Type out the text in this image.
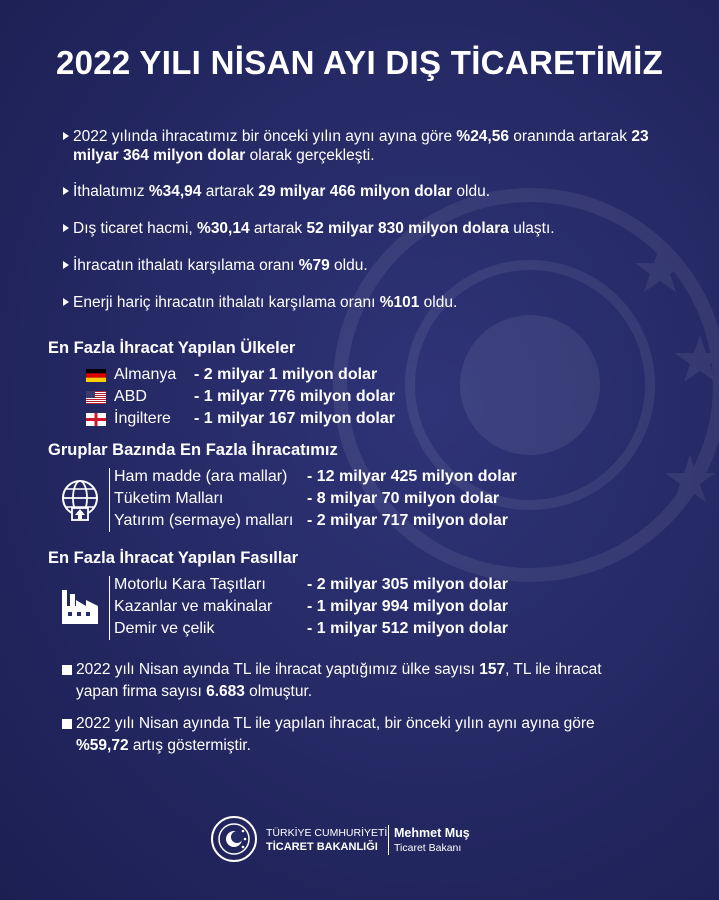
2022 YILI NİSAN AYI DIŞ TİCARETİMİZ
2022 yılında ihracatımız bir önceki yılın aynı ayına göre %24,56 oranında artarak 23 milyar 364 milyon dolar olarak gerçekleşti.
İthalatımız %34,94 artarak 29 milyar 466 milyon dolar oldu.
Dış ticaret hacmi, %30,14 artarak 52 milyar 830 milyon dolara ulaştı.
İhracatın ithalatı karşılama oranı %79 oldu.
Enerji hariç ihracatın ithalatı karşılama oranı %101 oldu.
En Fazla İhracat Yapılan Ülkeler
Almanya - 2 milyar 1 milyon dolar
ABD	- 1 milyar 776 milyon dolar
İngiltere - 1 milyar 167 milyon dolar
Gruplar Bazında En Fazla İhracatımız
Ham madde (ara mallar) - 12 milyar 425 milyon dolar
Tüketim Malları	- 8 milyar 70 milyon dolar
Yatırım (sermaye) malları - 2 milyar 717 milyon dolar
En Fazla İhracat Yapılan Fasıllar
Motorlu Kara Taşıtları	- 2 milyar 305 milyon dolar
Kazanlar ve makinalar - 1 milyar 994 milyon dolar
Demir ve çelik	- 1 milyar 512 milyon dolar
2022 yılı Nisan ayında TL ile ihracat yaptığımız ülke sayısı 157, TL ile ihracat yapan firma sayısı 6.683 olmuştur.
2022 yılı Nisan ayında TL ile yapılan ihracat, bir önceki yılın aynı ayına göre %59,72 artış göstermiştir.
TÜRKİYE CUMHURİYETİ
TİCARET BAKANLIĞI
Mehmet Muş
Ticaret Bakanı
